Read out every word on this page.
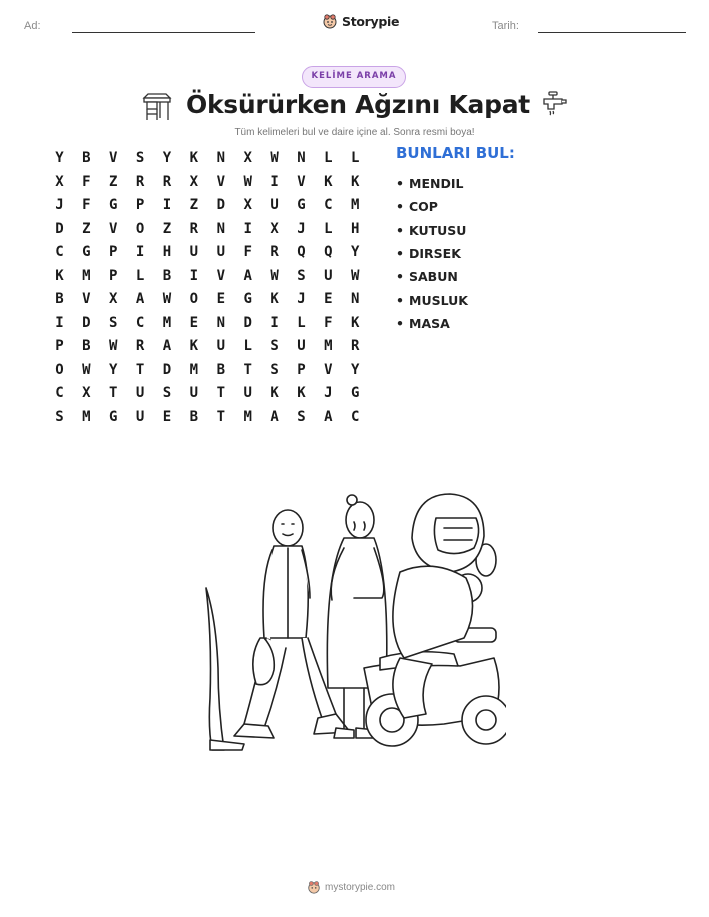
Ad:	Tarih:
Storypie
KELİME ARAMA
Öksürürken Ağzını Kapat
Tüm kelimeleri bul ve daire içine al. Sonra resmi boya!
Y	B	V	S	Y	K	N	X	W	N	L	L
X	F	Z	R	R	X	V	W	I	V	K	K
J	F	G	P	I	Z	D	X	U	G	C	M
D	Z	V	O	Z	R	N	I	X	J	L	H
C	G	P	I	H	U	U	F	R	Q	Q	Y
K	M	P	L	B	I	V	A	W	S	U	W
B	V	X	A	W	O	E	G	K	J	E	N
I	D	S	C	M	E	N	D	I	L	F	K
P	B	W	R	A	K	U	L	S	U	M	R
O	W	Y	T	D	M	B	T	S	P	V	Y
C	X	T	U	S	U	T	U	K	K	J	G
S	M	G	U	E	B	T	M	A	S	A	C
BUNLARI BUL:
• MENDIL
• COP
• KUTUSU
• DIRSEK
• SABUN
• MUSLUK
• MASA
mystorypie.com
